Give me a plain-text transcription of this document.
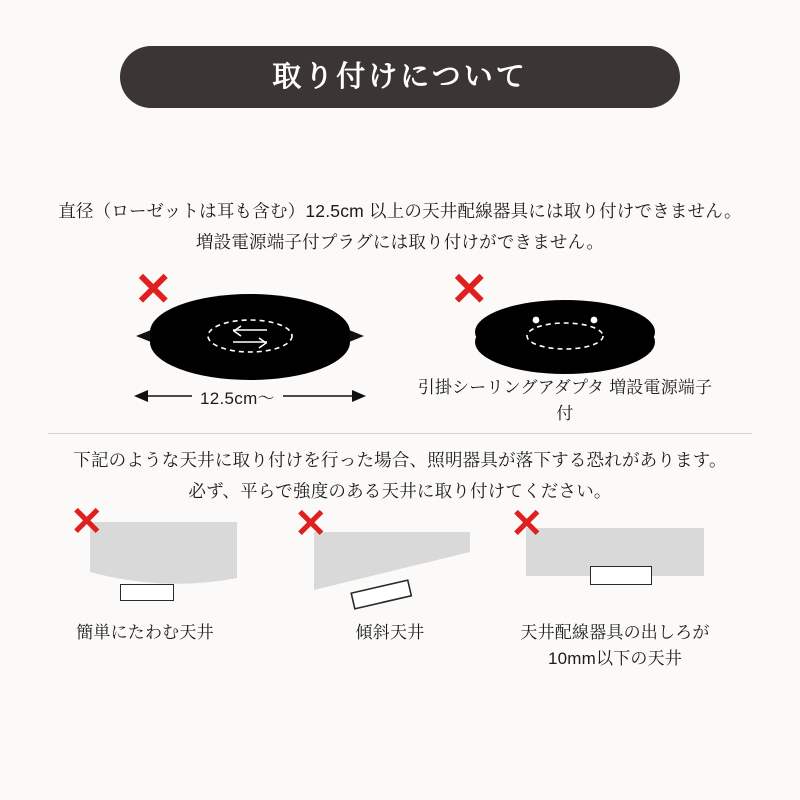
取り付けについて
直径（ローゼットは耳も含む）12.5cm 以上の天井配線器具には取り付けできません。
増設電源端子付プラグには取り付けができません。
12.5cm〜
✕	✕
引掛シーリングアダプタ 増設電源端子付
下記のような天井に取り付けを行った場合、照明器具が落下する恐れがあります。
必ず、平らで強度のある天井に取り付けてください。
✕
簡単にたわむ天井
✕
傾斜天井
✕
天井配線器具の出しろが 10mm以下の天井
